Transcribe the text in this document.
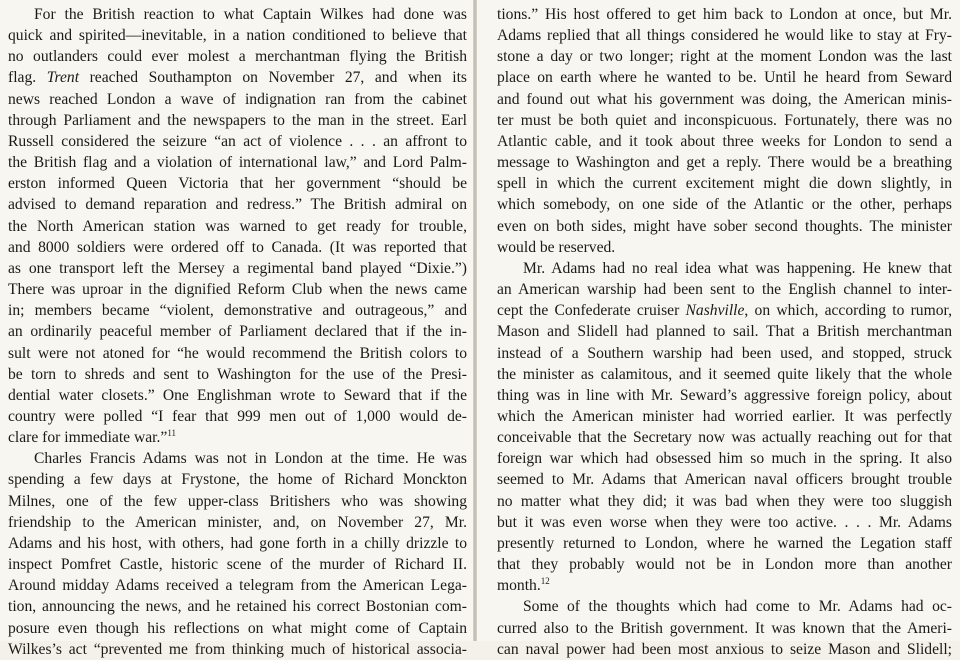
For the British reaction to what Captain Wilkes had done was
quick and spirited—inevitable, in a nation conditioned to believe that
no outlanders could ever molest a merchantman flying the British
flag. Trent reached Southampton on November 27, and when its
news reached London a wave of indignation ran from the cabinet
through Parliament and the newspapers to the man in the street. Earl
Russell considered the seizure “an act of violence . . . an affront to
the British flag and a violation of international law,” and Lord Palm-
erston informed Queen Victoria that her government “should be
advised to demand reparation and redress.” The British admiral on
the North American station was warned to get ready for trouble,
and 8000 soldiers were ordered off to Canada. (It was reported that
as one transport left the Mersey a regimental band played “Dixie.”)
There was uproar in the dignified Reform Club when the news came
in; members became “violent, demonstrative and outrageous,” and
an ordinarily peaceful member of Parliament declared that if the in-
sult were not atoned for “he would recommend the British colors to
be torn to shreds and sent to Washington for the use of the Presi-
dential water closets.” One Englishman wrote to Seward that if the
country were polled “I fear that 999 men out of 1,000 would de-
clare for immediate war.”$^{11}$
Charles Francis Adams was not in London at the time. He was
spending a few days at Frystone, the home of Richard Monckton
Milnes, one of the few upper-class Britishers who was showing
friendship to the American minister, and, on November 27, Mr.
Adams and his host, with others, had gone forth in a chilly drizzle to
inspect Pomfret Castle, historic scene of the murder of Richard II.
Around midday Adams received a telegram from the American Lega-
tion, announcing the news, and he retained his correct Bostonian com-
posure even though his reflections on what might come of Captain
Wilkes’s act “prevented me from thinking much of historical associa-
tions.” His host offered to get him back to London at once, but Mr.
Adams replied that all things considered he would like to stay at Fry-
stone a day or two longer; right at the moment London was the last
place on earth where he wanted to be. Until he heard from Seward
and found out what his government was doing, the American minis-
ter must be both quiet and inconspicuous. Fortunately, there was no
Atlantic cable, and it took about three weeks for London to send a
message to Washington and get a reply. There would be a breathing
spell in which the current excitement might die down slightly, in
which somebody, on one side of the Atlantic or the other, perhaps
even on both sides, might have sober second thoughts. The minister
would be reserved.
Mr. Adams had no real idea what was happening. He knew that
an American warship had been sent to the English channel to inter-
cept the Confederate cruiser Nashville, on which, according to rumor,
Mason and Slidell had planned to sail. That a British merchantman
instead of a Southern warship had been used, and stopped, struck
the minister as calamitous, and it seemed quite likely that the whole
thing was in line with Mr. Seward’s aggressive foreign policy, about
which the American minister had worried earlier. It was perfectly
conceivable that the Secretary now was actually reaching out for that
foreign war which had obsessed him so much in the spring. It also
seemed to Mr. Adams that American naval officers brought trouble
no matter what they did; it was bad when they were too sluggish
but it was even worse when they were too active. . . . Mr. Adams
presently returned to London, where he warned the Legation staff
that they probably would not be in London more than another
month.$^{12}$
Some of the thoughts which had come to Mr. Adams had oc-
curred also to the British government. It was known that the Ameri-
can naval power had been most anxious to seize Mason and Slidell;
